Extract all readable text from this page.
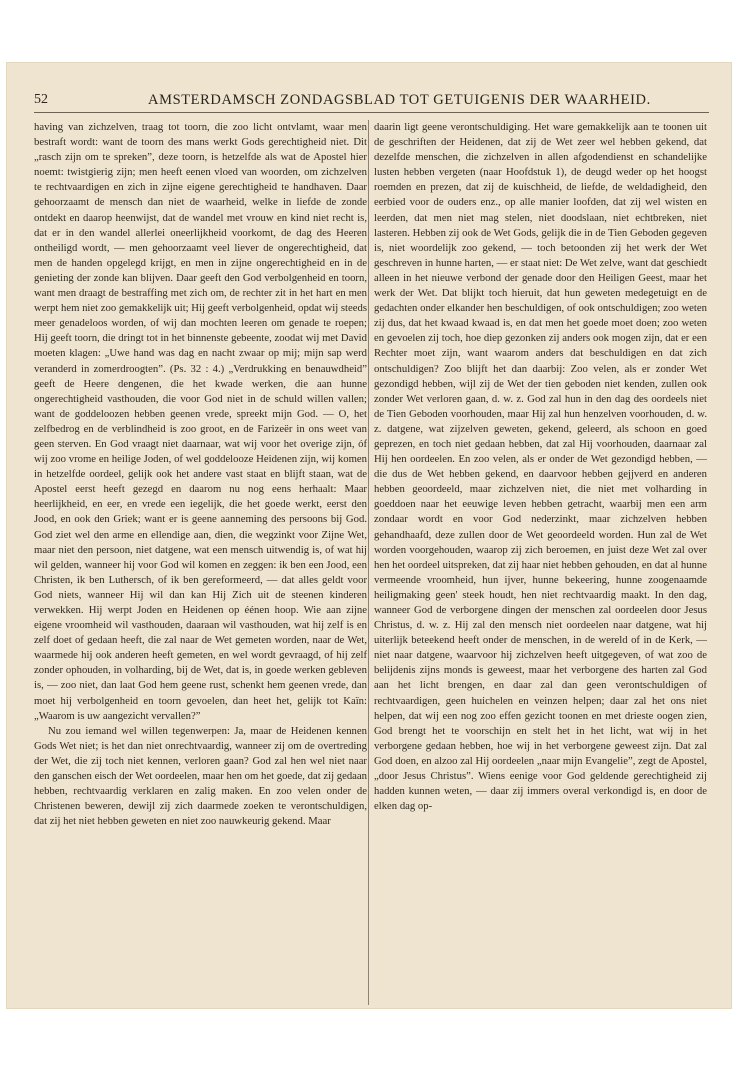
52	AMSTERDAMSCH ZONDAGSBLAD TOT GETUIGENIS DER WAARHEID.

having van zichzelven, traag tot toorn, die zoo licht ontvlamt, waar men bestraft wordt: want de toorn des mans werkt Gods gerechtigheid niet. Dit „rasch zijn om te spreken”, deze toorn, is hetzelfde als wat de Apostel hier noemt: twistgierig zijn; men heeft eenen vloed van woorden, om zichzelven te rechtvaardigen en zich in zijne eigene gerechtigheid te handhaven. Daar gehoorzaamt de mensch dan niet de waarheid, welke in liefde de zonde ontdekt en daarop heenwijst, dat de wandel met vrouw en kind niet recht is, dat er in den wandel allerlei oneerlijkheid voorkomt, de dag des Heeren ontheiligd wordt, — men gehoorzaamt veel liever de ongerechtigheid, dat men de handen opgelegd krijgt, en men in zijne ongerechtigheid en in de genieting der zonde kan blijven. Daar geeft den God verbolgenheid en toorn, want men draagt de bestraffing met zich om, de rechter zit in het hart en men werpt hem niet zoo gemakkelijk uit; Hij geeft verbolgenheid, opdat wij steeds meer genadeloos worden, of wij dan mochten leeren om genade te roepen; Hij geeft toorn, die dringt tot in het binnenste gebeente, zoodat wij met David moeten klagen: „Uwe hand was dag en nacht zwaar op mij; mijn sap werd veranderd in zomerdroogten”. (Ps. 32 : 4.) „Verdrukking en benauwdheid” geeft de Heere dengenen, die het kwade werken, die aan hunne ongerechtigheid vasthouden, die voor God niet in de schuld willen vallen; want de goddeloozen hebben geenen vrede, spreekt mijn God. — O, het zelfbedrog en de verblindheid is zoo groot, en de Farizeër in ons weet van geen sterven. En God vraagt niet daarnaar, wat wij voor het overige zijn, óf wij zoo vrome en heilige Joden, of wel goddelooze Heidenen zijn, wij komen in hetzelfde oordeel, gelijk ook het andere vast staat en blijft staan, wat de Apostel eerst heeft gezegd en daarom nu nog eens herhaalt: Maar heerlijkheid, en eer, en vrede een iegelijk, die het goede werkt, eerst den Jood, en ook den Griek; want er is geene aanneming des persoons bij God. God ziet wel den arme en ellendige aan, dien, die wegzinkt voor Zijne Wet, maar niet den persoon, niet datgene, wat een mensch uitwendig is, of wat hij wil gelden, wanneer hij voor God wil komen en zeggen: ik ben een Jood, een Christen, ik ben Luthersch, of ik ben gereformeerd, — dat alles geldt voor God niets, wanneer Hij wil dan kan Hij Zich uit de steenen kinderen verwekken. Hij werpt Joden en Heidenen op éénen hoop. Wie aan zijne eigene vroomheid wil vasthouden, daaraan wil vasthouden, wat hij zelf is en zelf doet of gedaan heeft, die zal naar de Wet gemeten worden, naar de Wet, waarmede hij ook anderen heeft gemeten, en wel wordt gevraagd, of hij zelf zonder ophouden, in volharding, bij de Wet, dat is, in goede werken gebleven is, — zoo niet, dan laat God hem geene rust, schenkt hem geenen vrede, dan moet hij verbolgenheid en toorn gevoelen, dan heet het, gelijk tot Kaïn: „Waarom is uw aangezicht vervallen?”

Nu zou iemand wel willen tegenwerpen: Ja, maar de Heidenen kennen Gods Wet niet; is het dan niet onrechtvaardig, wanneer zij om de overtreding der Wet, die zij toch niet kennen, verloren gaan? God zal hen wel niet naar den ganschen eisch der Wet oordeelen, maar hen om het goede, dat zij gedaan hebben, rechtvaardig verklaren en zalig maken. En zoo velen onder de Christenen beweren, dewijl zij zich daarmede zoeken te verontschuldigen, dat zij het niet hebben geweten en niet zoo nauwkeurig gekend. Maar

daarin ligt geene verontschuldiging. Het ware gemakkelijk aan te toonen uit de geschriften der Heidenen, dat zij de Wet zeer wel hebben gekend, dat dezelfde menschen, die zichzelven in allen afgodendienst en schandelijke lusten hebben vergeten (naar Hoofdstuk 1), de deugd weder op het hoogst roemden en prezen, dat zij de kuischheid, de liefde, de weldadigheid, den eerbied voor de ouders enz., op alle manier loofden, dat zij wel wisten en leerden, dat men niet mag stelen, niet doodslaan, niet echtbreken, niet lasteren. Hebben zij ook de Wet Gods, gelijk die in de Tien Geboden gegeven is, niet woordelijk zoo gekend, — toch betoonden zij het werk der Wet geschreven in hunne harten, — er staat niet: De Wet zelve, want dat geschiedt alleen in het nieuwe verbond der genade door den Heiligen Geest, maar het werk der Wet. Dat blijkt toch hieruit, dat hun geweten medegetuigt en de gedachten onder elkander hen beschuldigen, of ook ontschuldigen; zoo weten zij dus, dat het kwaad kwaad is, en dat men het goede moet doen; zoo weten en gevoelen zij toch, hoe diep gezonken zij anders ook mogen zijn, dat er een Rechter moet zijn, want waarom anders dat beschuldigen en dat zich ontschuldigen? Zoo blijft het dan daarbij: Zoo velen, als er zonder Wet gezondigd hebben, wijl zij de Wet der tien geboden niet kenden, zullen ook zonder Wet verloren gaan, d. w. z. God zal hun in den dag des oordeels niet de Tien Geboden voorhouden, maar Hij zal hun henzelven voorhouden, d. w. z. datgene, wat zijzelven geweten, gekend, geleerd, als schoon en goed geprezen, en toch niet gedaan hebben, dat zal Hij voorhouden, daarnaar zal Hij hen oordeelen. En zoo velen, als er onder de Wet gezondigd hebben, — die dus de Wet hebben gekend, en daarvoor hebben gejjverd en anderen hebben geoordeeld, maar zichzelven niet, die niet met volharding in goeddoen naar het eeuwige leven hebben getracht, waarbij men een arm zondaar wordt en voor God nederzinkt, maar zichzelven hebben gehandhaafd, deze zullen door de Wet geoordeeld worden. Hun zal de Wet worden voorgehouden, waarop zij zich beroemen, en juist deze Wet zal over hen het oordeel uitspreken, dat zij haar niet hebben gehouden, en dat al hunne vermeende vroomheid, hun ijver, hunne bekeering, hunne zoogenaamde heiligmaking geen' steek houdt, hen niet rechtvaardig maakt. In den dag, wanneer God de verborgene dingen der menschen zal oordeelen door Jesus Christus, d. w. z. Hij zal den mensch niet oordeelen naar datgene, wat hij uiterlijk beteekend heeft onder de menschen, in de wereld of in de Kerk, — niet naar datgene, waarvoor hij zichzelven heeft uitgegeven, of wat zoo de belijdenis zijns monds is geweest, maar het verborgene des harten zal God aan het licht brengen, en daar zal dan geen verontschuldigen of rechtvaardigen, geen huichelen en veinzen helpen; daar zal het ons niet helpen, dat wij een nog zoo effen gezicht toonen en met drieste oogen zien, God brengt het te voorschijn en stelt het in het licht, wat wij in het verborgene gedaan hebben, hoe wij in het verborgene geweest zijn. Dat zal God doen, en alzoo zal Hij oordeelen „naar mijn Evangelie”, zegt de Apostel, „door Jesus Christus”. Wiens eenige voor God geldende gerechtigheid zij hadden kunnen weten, — daar zij immers overal verkondigd is, en door de elken dag op-
